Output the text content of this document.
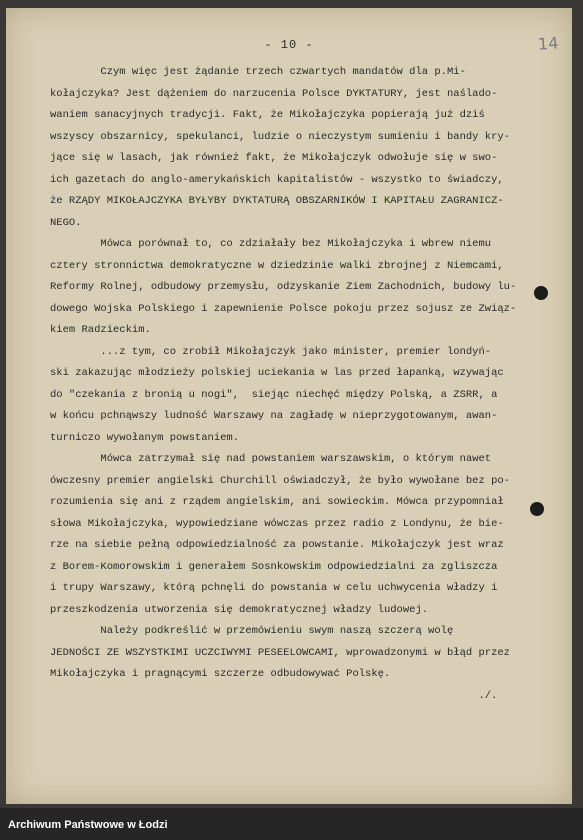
- 10 -	14
Czym więc jest żądanie trzech czwartych mandatów dla p.Mi-
kołajczyka? Jest dążeniem do narzucenia Polsce DYKTATURY, jest naślado-
waniem sanacyjnych tradycji. Fakt, że Mikołajczyka popierają już dziś
wszyscy obszarnicy, spekulanci, ludzie o nieczystym sumieniu i bandy kry-
jące się w lasach, jak również fakt, że Mikołajczyk odwołuje się w swo-
ich gazetach do anglo-amerykańskich kapitalistów - wszystko to świadczy,
że RZĄDY MIKOŁAJCZYKA BYŁYBY DYKTATURĄ OBSZARNIKÓW I KAPITAŁU ZAGRANICZ-
NEGO.
Mówca porównał to, co zdziałały bez Mikołajczyka i wbrew niemu
cztery stronnictwa demokratyczne w dziedzinie walki zbrojnej z Niemcami,
Reformy Rolnej, odbudowy przemysłu, odzyskanie Ziem Zachodnich, budowy lu-
dowego Wojska Polskiego i zapewnienie Polsce pokoju przez sojusz ze Związ-
kiem Radzieckim.
...z tym, co zrobił Mikołajczyk jako minister, premier londyń-
ski zakazując młodzieży polskiej uciekania w las przed łapanką, wzywając
do "czekania z bronią u nogi",  siejąc niechęć między Polską, a ZSRR, a
w końcu pchnąwszy ludność Warszawy na zagładę w nieprzygotowanym, awan-
turniczo wywołanym powstaniem.
Mówca zatrzymał się nad powstaniem warszawskim, o którym nawet
ówczesny premier angielski Churchill oświadczył, że było wywołane bez po-
rozumienia się ani z rządem angielskim, ani sowieckim. Mówca przypomniał
słowa Mikołajczyka, wypowiedziane wówczas przez radio z Londynu, że bie-
rze na siebie pełną odpowiedzialność za powstanie. Mikołajczyk jest wraz
z Borem-Komorowskim i generałem Sosnkowskim odpowiedzialni za zgliszcza
i trupy Warszawy, którą pchnęli do powstania w celu uchwycenia władzy i
przeszkodzenia utworzenia się demokratycznej władzy ludowej.
Należy podkreślić w przemówieniu swym naszą szczerą wolę
JEDNOŚCI ZE WSZYSTKIMI UCZCIWYMI PESEELOWCAMI, wprowadzonymi w błąd przez
Mikołajczyka i pragnącymi szczerze odbudowywać Polskę.
./.
Archiwum Państwowe w Łodzi
